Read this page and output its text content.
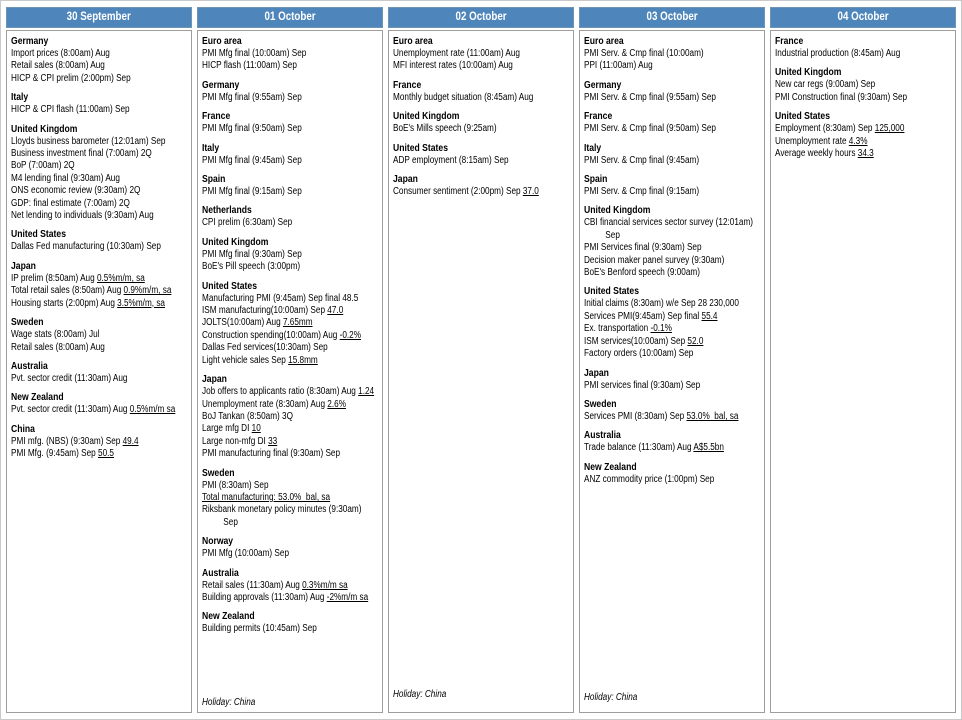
30 September
Germany
Import prices (8:00am) Aug
Retail sales (8:00am) Aug
HICP & CPI prelim (2:00pm) Sep
Italy
HICP & CPI flash (11:00am) Sep
United Kingdom
Lloyds business barometer (12:01am) Sep
Business investment final (7:00am) 2Q
BoP (7:00am) 2Q
M4 lending final (9:30am) Aug
ONS economic review (9:30am) 2Q
GDP: final estimate (7:00am) 2Q
Net lending to individuals (9:30am) Aug
United States
Dallas Fed manufacturing (10:30am) Sep
Japan
IP prelim (8:50am) Aug 0.5%m/m, sa
Total retail sales (8:50am) Aug 0.9%m/m, sa
Housing starts (2:00pm) Aug 3.5%m/m, sa
Sweden
Wage stats (8:00am) Jul
Retail sales (8:00am) Aug
Australia
Pvt. sector credit (11:30am) Aug
New Zealand
Pvt. sector credit (11:30am) Aug 0.5%m/m sa
China
PMI mfg. (NBS) (9:30am) Sep 49.4
PMI Mfg. (9:45am) Sep 50.5
01 October
Euro area
PMI Mfg final (10:00am) Sep
HICP flash (11:00am) Sep
Germany
PMI Mfg final (9:55am) Sep
France
PMI Mfg final (9:50am) Sep
Italy
PMI Mfg final (9:45am) Sep
Spain
PMI Mfg final (9:15am) Sep
Netherlands
CPI prelim (6:30am) Sep
United Kingdom
PMI Mfg final (9:30am) Sep
BoE's Pill speech (3:00pm)
United States
Manufacturing PMI (9:45am) Sep final 48.5
ISM manufacturing(10:00am) Sep 47.0
JOLTS(10:00am) Aug 7.65mm
Construction spending(10:00am) Aug -0.2%
Dallas Fed services(10:30am) Sep
Light vehicle sales Sep 15.8mm
Japan
Job offers to applicants ratio (8:30am) Aug 1.24
Unemployment rate (8:30am) Aug 2.6%
BoJ Tankan (8:50am) 3Q
Large mfg DI 10
Large non-mfg DI 33
PMI manufacturing final (9:30am) Sep
Sweden
PMI (8:30am) Sep
Total manufacturing: 53.0%  bal, sa
Riksbank monetary policy minutes (9:30am)
Sep
Norway
PMI Mfg (10:00am) Sep
Australia
Retail sales (11:30am) Aug 0.3%m/m sa
Building approvals (11:30am) Aug -2%m/m sa
New Zealand
Building permits (10:45am) Sep
Holiday: China
02 October
Euro area
Unemployment rate (11:00am) Aug
MFI interest rates (10:00am) Aug
France
Monthly budget situation (8:45am) Aug
United Kingdom
BoE's Mills speech (9:25am)
United States
ADP employment (8:15am) Sep
Japan
Consumer sentiment (2:00pm) Sep 37.0
Holiday: China
03 October
Euro area
PMI Serv. & Cmp final (10:00am)
PPI (11:00am) Aug
Germany
PMI Serv. & Cmp final (9:55am) Sep
France
PMI Serv. & Cmp final (9:50am) Sep
Italy
PMI Serv. & Cmp final (9:45am)
Spain
PMI Serv. & Cmp final (9:15am)
United Kingdom
CBI financial services sector survey (12:01am)
Sep
PMI Services final (9:30am) Sep
Decision maker panel survey (9:30am)
BoE's Benford speech (9:00am)
United States
Initial claims (8:30am) w/e Sep 28 230,000
Services PMI(9:45am) Sep final 55.4
Ex. transportation -0.1%
ISM services(10:00am) Sep 52.0
Factory orders (10:00am) Sep
Japan
PMI services final (9:30am) Sep
Sweden
Services PMI (8:30am) Sep 53.0%  bal, sa
Australia
Trade balance (11:30am) Aug A$5.5bn
New Zealand
ANZ commodity price (1:00pm) Sep
Holiday: China
04 October
France
Industrial production (8:45am) Aug
United Kingdom
New car regs (9:00am) Sep
PMI Construction final (9:30am) Sep
United States
Employment (8:30am) Sep 125,000
Unemployment rate 4.3%
Average weekly hours 34.3
